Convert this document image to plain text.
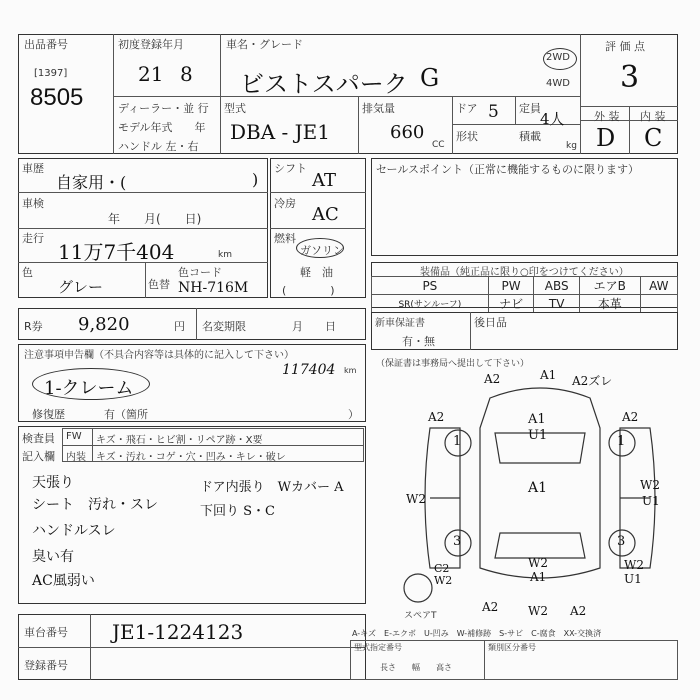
出品番号
[1397]
8505
初度登録年月
21 8
車名・グレード
ビストスパーク G
2WD
4WD
評 価 点
3
ディーラー・並 行
モデル年式　　年
ハンドル 左・右
型式
DBA - JE1
排気量
660
CC
ドア 5 定員
4人
形状	積載
kg
外 装 内 装
D C
車歴
自家用・(	)
車検
年　　月(　　日)
走行
11万7千404	km
色
グレー	色替
色コード
NH-716M
シフト
AT
冷房
AC
燃料
ガソリン
軽　油
(　　　　)
セールスポイント（正常に機能するものに限ります）
装備品（純正品に限り○印をつけてください）
PS	PW	ABS	エアB	AW
SR(サンルーフ)	ナビ	TV	本革	
R券 9,820	円 名変期限	月　　日	新車保証書
有・無
後日品
（保証書は事務局へ提出して下さい）
注意事項申告欄（不具合内容等は具体的に記入して下さい）
117404 km
1-クレーム
修復歴	有（箇所	）
検査員
記入欄
FW キズ・飛石・ヒビ割・リペア跡・X要
内装 キズ・汚れ・コゲ・穴・凹み・キレ・破レ
天張り
シート　汚れ・スレ
ハンドルスレ
ドア内張り　Wカバー A
下回り S・C
臭い有
AC風弱い
A2	A1 A2ズレ
A1
U1
A2	A2
A1
W2
W2
U1
C2
W2	A1
W2	W2
U1
A2 W2 A2
1	1
3	3
スペアT
車台番号 JE1-1224123
登録番号
A-キズ　E-エクボ　U-凹み　W-補修跡　S-サビ　C-腐食　XX-交換済
型式指定番号	類別区分番号
長さ　　幅　　高さ
